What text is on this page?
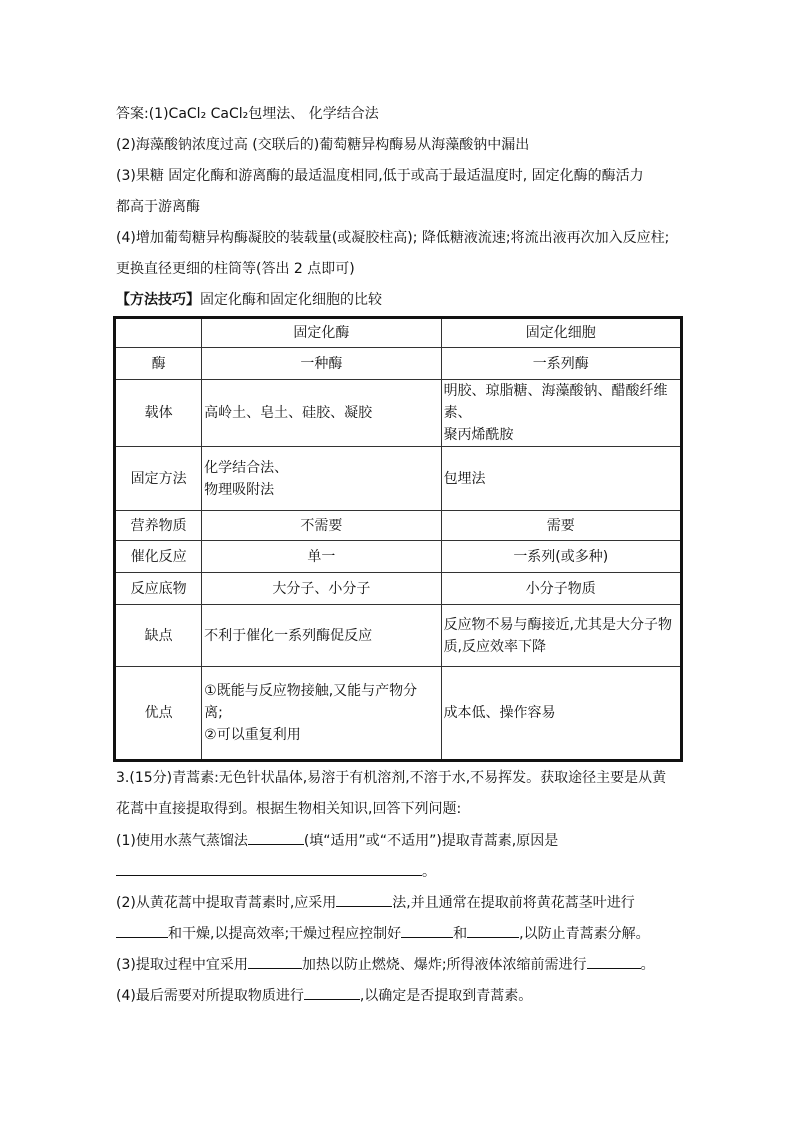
答案:(1)CaCl₂ CaCl₂包埋法、 化学结合法
(2)海藻酸钠浓度过高 (交联后的)葡萄糖异构酶易从海藻酸钠中漏出
(3)果糖 固定化酶和游离酶的最适温度相同,低于或高于最适温度时, 固定化酶的酶活力
都高于游离酶
(4)增加葡萄糖异构酶凝胶的装载量(或凝胶柱高); 降低糖液流速;将流出液再次加入反应柱;
更换直径更细的柱筒等(答出 2 点即可)
【方法技巧】固定化酶和固定化细胞的比较
	固定化酶	固定化细胞
酶	一种酶	一系列酶

载体	高岭土、皂土、硅胶、凝胶	明胶、琼脂糖、海藻酸钠、醋酸纤维素、
聚丙烯酰胺

固定方法	化学结合法、
物理吸附法	包埋法

营养物质	不需要	需要

催化反应	单一	一系列(或多种)

反应底物	大分子、小分子	小分子物质

缺点	不利于催化一系列酶促反应	反应物不易与酶接近,尤其是大分子物
质,反应效率下降

优点	①既能与反应物接触,又能与产物分
离;
②可以重复利用	成本低、操作容易
3.(15分)青蒿素:无色针状晶体,易溶于有机溶剂,不溶于水,不易挥发。获取途径主要是从黄
花蒿中直接提取得到。根据生物相关知识,回答下列问题:
(1)使用水蒸气蒸馏法	(填“适用”或“不适用”)提取青蒿素,原因是
。
(2)从黄花蒿中提取青蒿素时,应采用	法,并且通常在提取前将黄花蒿茎叶进行
和干燥,以提高效率;干燥过程应控制好	和	,以防止青蒿素分解。
(3)提取过程中宜采用	加热以防止燃烧、爆炸;所得液体浓缩前需进行	。
(4)最后需要对所提取物质进行	,以确定是否提取到青蒿素。
